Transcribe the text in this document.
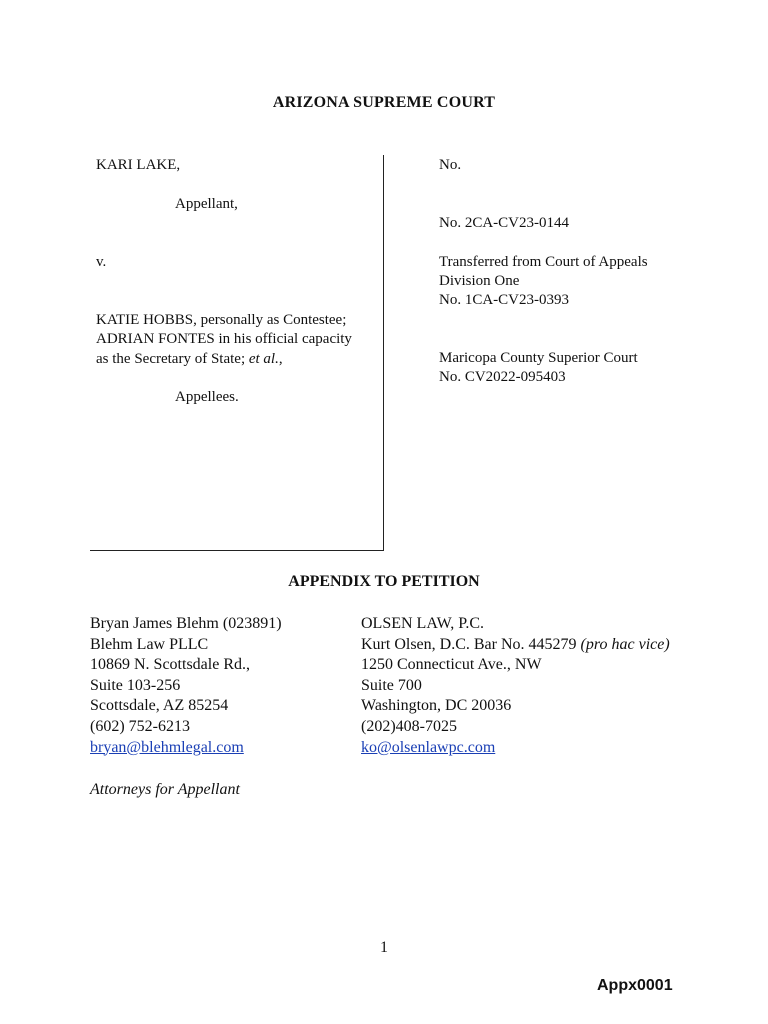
ARIZONA SUPREME COURT
KARI LAKE,
Appellant,
v.
KATIE HOBBS, personally as Contestee;
ADRIAN FONTES in his official capacity
as the Secretary of State; et al.,
Appellees.
No.
No. 2CA-CV23-0144
Transferred from Court of Appeals
Division One
No. 1CA-CV23-0393
Maricopa County Superior Court
No. CV2022-095403
APPENDIX TO PETITION
Bryan James Blehm (023891)
Blehm Law PLLC
10869 N. Scottsdale Rd.,
Suite 103-256
Scottsdale, AZ 85254
(602) 752-6213
bryan@blehmlegal.com
OLSEN LAW, P.C.
Kurt Olsen, D.C. Bar No. 445279 (pro hac vice)
1250 Connecticut Ave., NW
Suite 700
Washington, DC 20036
(202)408-7025
ko@olsenlawpc.com
Attorneys for Appellant
1
Appx0001
